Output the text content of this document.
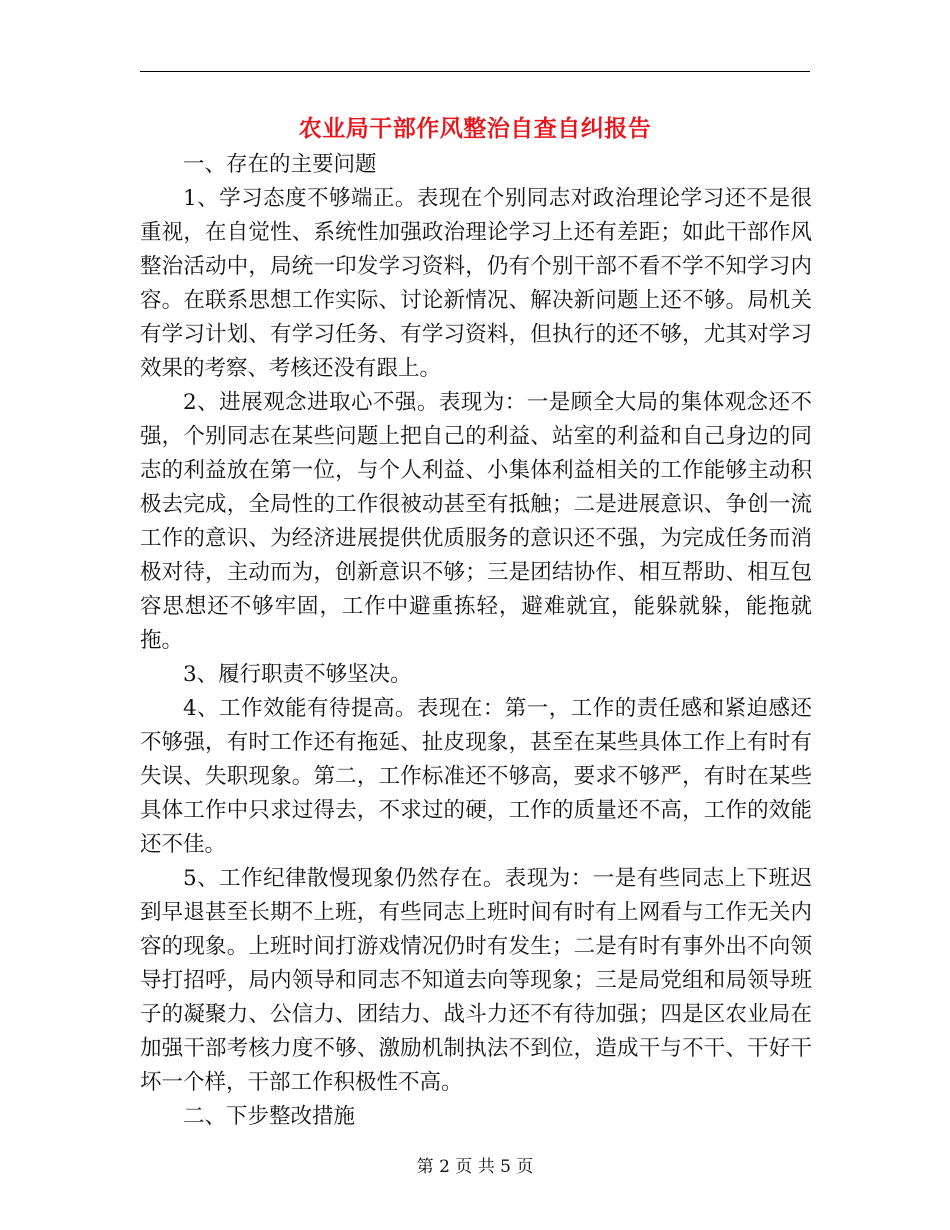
农业局干部作风整治自查自纠报告

一、存在的主要问题

1、学习态度不够端正。表现在个别同志对政治理论学习还不是很重视，在自觉性、系统性加强政治理论学习上还有差距；如此干部作风整治活动中，局统一印发学习资料，仍有个别干部不看不学不知学习内容。在联系思想工作实际、讨论新情况、解决新问题上还不够。局机关有学习计划、有学习任务、有学习资料，但执行的还不够，尤其对学习效果的考察、考核还没有跟上。

2、进展观念进取心不强。表现为：一是顾全大局的集体观念还不强，个别同志在某些问题上把自己的利益、站室的利益和自己身边的同志的利益放在第一位，与个人利益、小集体利益相关的工作能够主动积极去完成，全局性的工作很被动甚至有抵触；二是进展意识、争创一流工作的意识、为经济进展提供优质服务的意识还不强，为完成任务而消极对待，主动而为，创新意识不够；三是团结协作、相互帮助、相互包容思想还不够牢固，工作中避重拣轻，避难就宜，能躲就躲，能拖就拖。

3、履行职责不够坚决。

4、工作效能有待提高。表现在：第一，工作的责任感和紧迫感还不够强，有时工作还有拖延、扯皮现象，甚至在某些具体工作上有时有失误、失职现象。第二，工作标准还不够高，要求不够严，有时在某些具体工作中只求过得去，不求过的硬，工作的质量还不高，工作的效能还不佳。

5、工作纪律散慢现象仍然存在。表现为：一是有些同志上下班迟到早退甚至长期不上班，有些同志上班时间有时有上网看与工作无关内容的现象。上班时间打游戏情况仍时有发生；二是有时有事外出不向领导打招呼，局内领导和同志不知道去向等现象；三是局党组和局领导班子的凝聚力、公信力、团结力、战斗力还不有待加强；四是区农业局在加强干部考核力度不够、激励机制执法不到位，造成干与不干、干好干坏一个样，干部工作积极性不高。

二、下步整改措施

第 2 页 共 5 页
